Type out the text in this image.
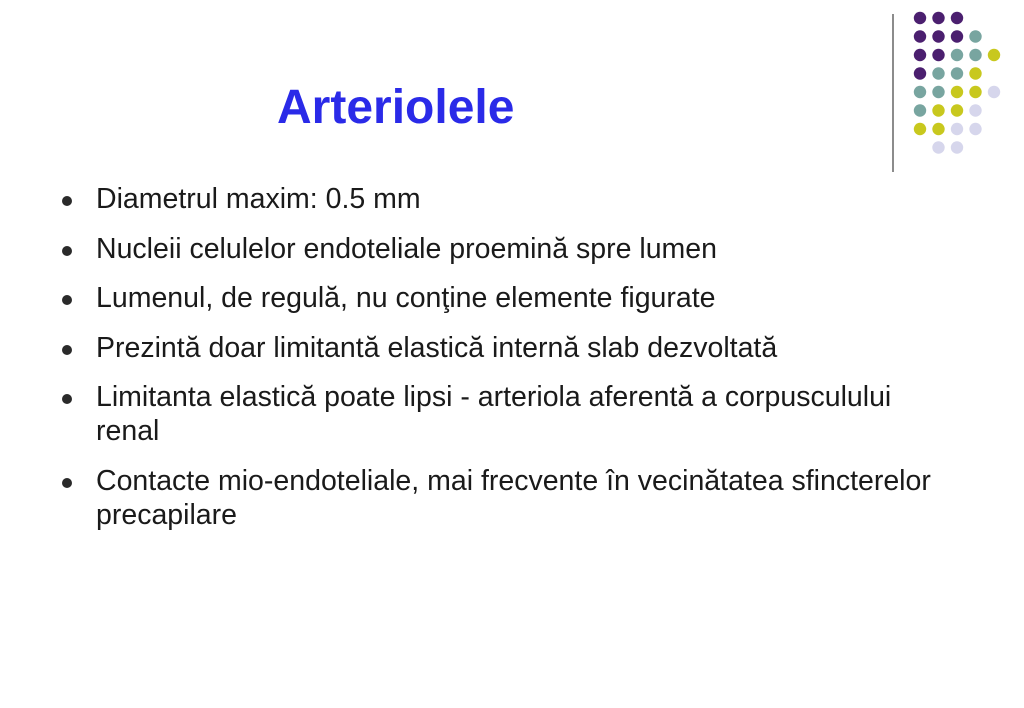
Arteriolele
Diametrul maxim: 0.5 mm
Nucleii celulelor endoteliale proemină spre lumen
Lumenul, de regulă, nu conţine elemente figurate
Prezintă doar limitantă elastică internă slab dezvoltată
Limitanta elastică poate lipsi - arteriola aferentă a corpusculului renal
Contacte mio-endoteliale, mai frecvente în vecinătatea sfincterelor precapilare
